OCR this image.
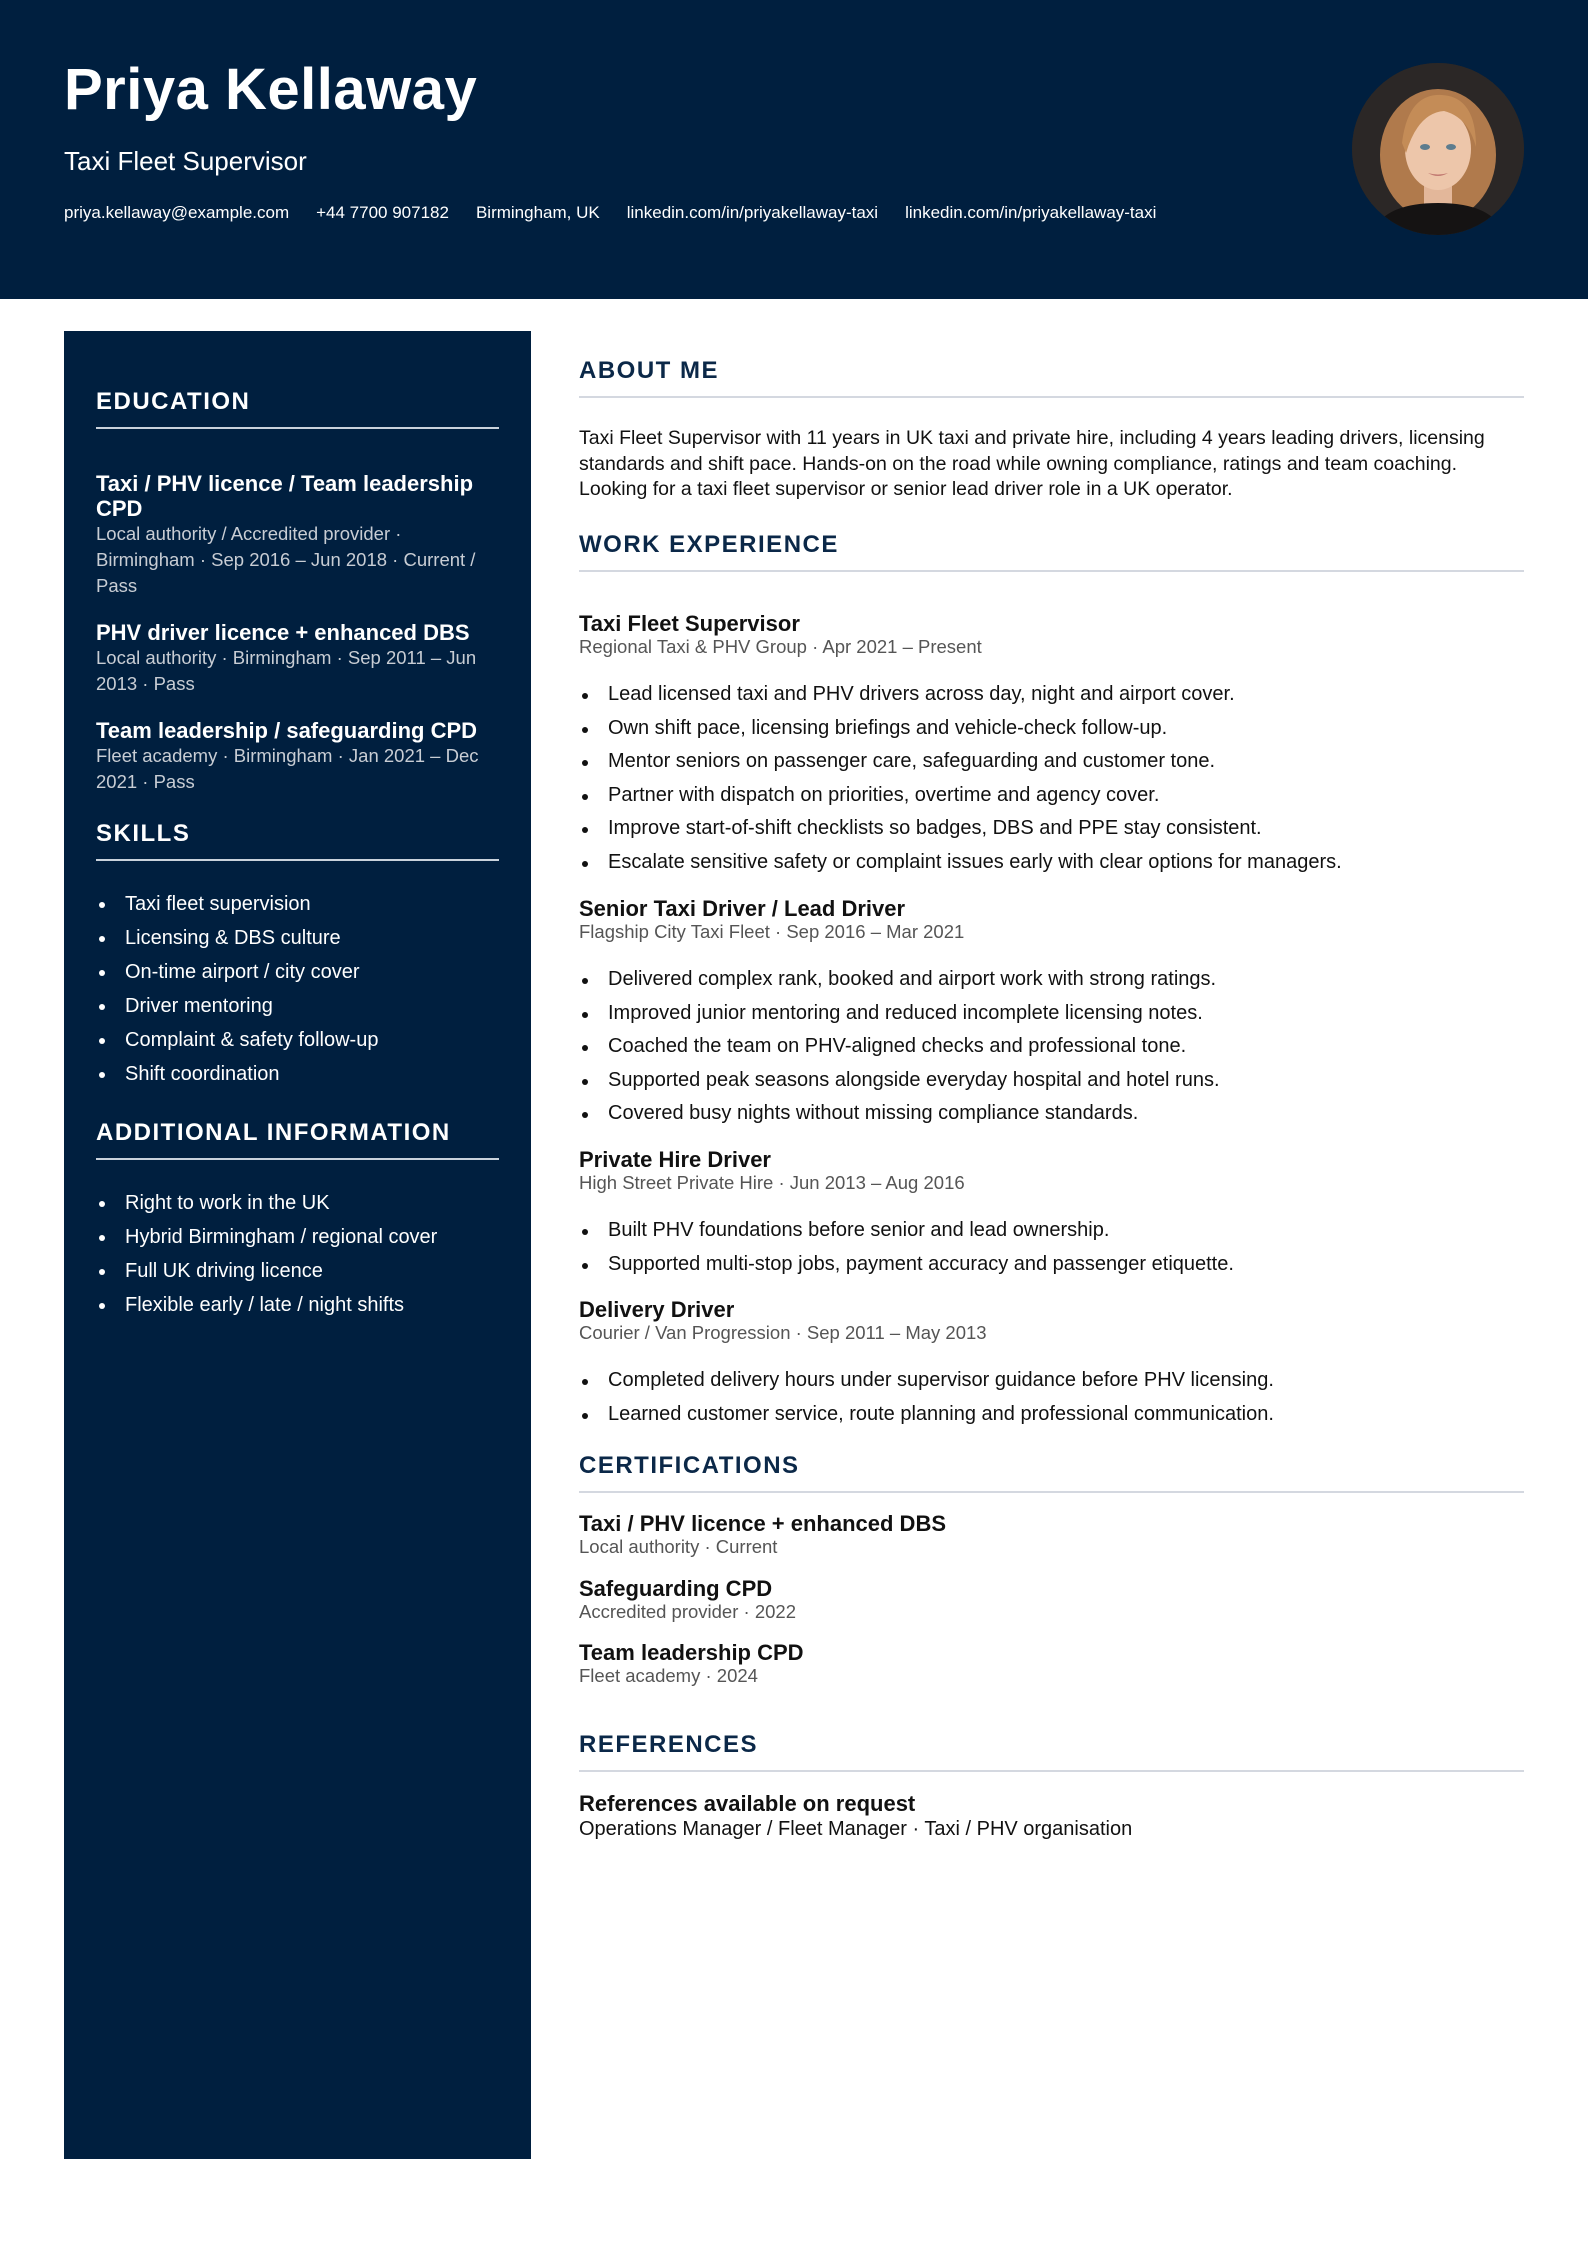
Priya Kellaway
Taxi Fleet Supervisor
priya.kellaway@example.com +44 7700 907182 Birmingham, UK linkedin.com/in/priyakellaway-taxi linkedin.com/in/priyakellaway-taxi
EDUCATION
Taxi / PHV licence / Team leadership CPD
Local authority / Accredited provider · Birmingham · Sep 2016 – Jun 2018 · Current / Pass
PHV driver licence + enhanced DBS
Local authority · Birmingham · Sep 2011 – Jun 2013 · Pass
Team leadership / safeguarding CPD
Fleet academy · Birmingham · Jan 2021 – Dec 2021 · Pass
SKILLS
Taxi fleet supervision
Licensing & DBS culture
On-time airport / city cover
Driver mentoring
Complaint & safety follow-up
Shift coordination
ADDITIONAL INFORMATION
Right to work in the UK
Hybrid Birmingham / regional cover
Full UK driving licence
Flexible early / late / night shifts
ABOUT ME
Taxi Fleet Supervisor with 11 years in UK taxi and private hire, including 4 years leading drivers, licensing standards and shift pace. Hands-on on the road while owning compliance, ratings and team coaching. Looking for a taxi fleet supervisor or senior lead driver role in a UK operator.
WORK EXPERIENCE
Taxi Fleet Supervisor
Regional Taxi & PHV Group · Apr 2021 – Present
Lead licensed taxi and PHV drivers across day, night and airport cover.
Own shift pace, licensing briefings and vehicle-check follow-up.
Mentor seniors on passenger care, safeguarding and customer tone.
Partner with dispatch on priorities, overtime and agency cover.
Improve start-of-shift checklists so badges, DBS and PPE stay consistent.
Escalate sensitive safety or complaint issues early with clear options for managers.
Senior Taxi Driver / Lead Driver
Flagship City Taxi Fleet · Sep 2016 – Mar 2021
Delivered complex rank, booked and airport work with strong ratings.
Improved junior mentoring and reduced incomplete licensing notes.
Coached the team on PHV-aligned checks and professional tone.
Supported peak seasons alongside everyday hospital and hotel runs.
Covered busy nights without missing compliance standards.
Private Hire Driver
High Street Private Hire · Jun 2013 – Aug 2016
Built PHV foundations before senior and lead ownership.
Supported multi-stop jobs, payment accuracy and passenger etiquette.
Delivery Driver
Courier / Van Progression · Sep 2011 – May 2013
Completed delivery hours under supervisor guidance before PHV licensing.
Learned customer service, route planning and professional communication.
CERTIFICATIONS
Taxi / PHV licence + enhanced DBS
Local authority · Current
Safeguarding CPD
Accredited provider · 2022
Team leadership CPD
Fleet academy · 2024
REFERENCES
References available on request
Operations Manager / Fleet Manager · Taxi / PHV organisation
